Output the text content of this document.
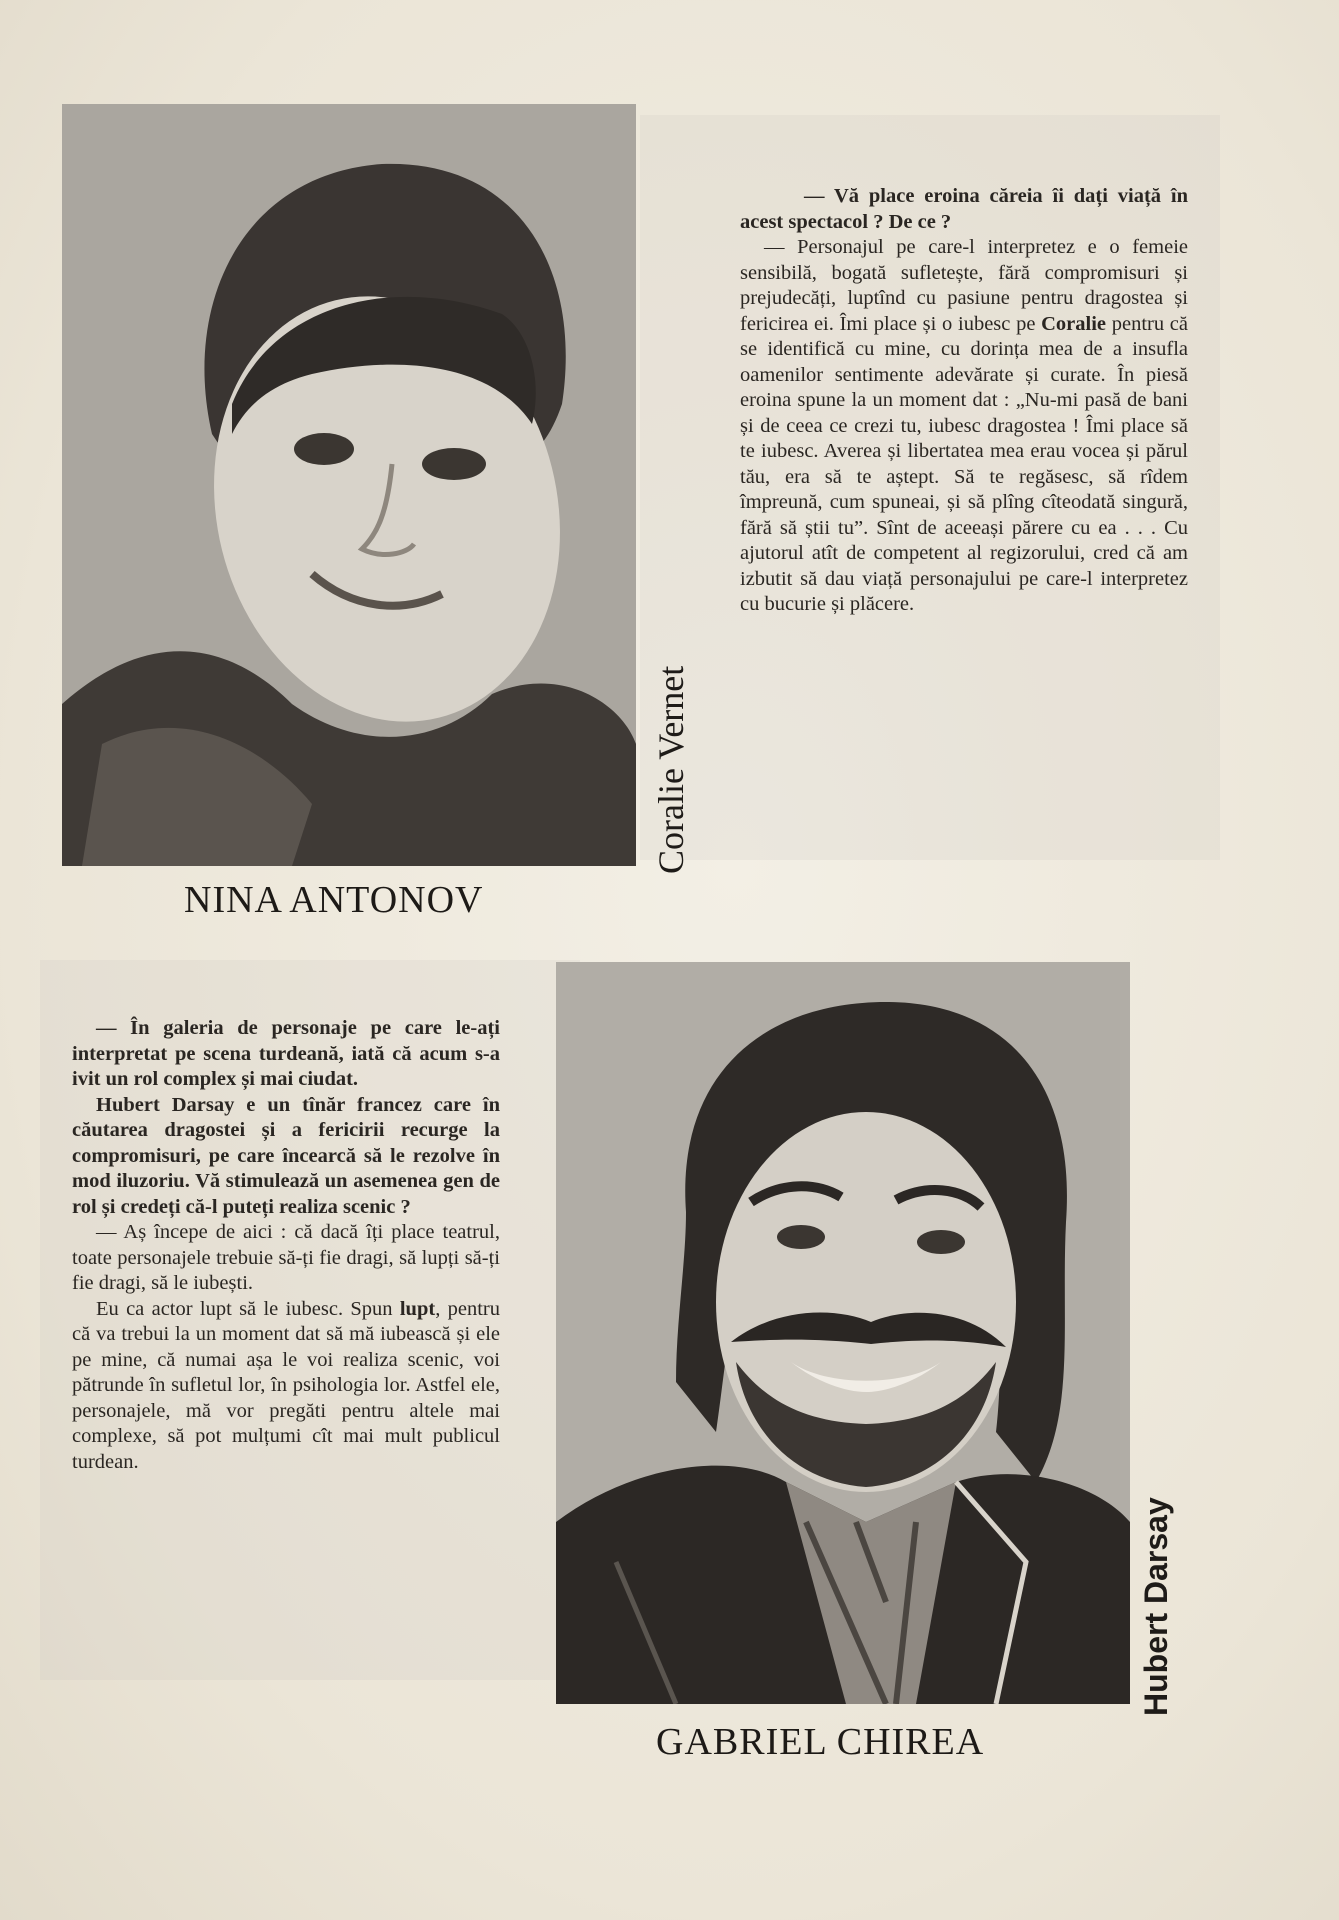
NINA ANTONOV
Coralie Vernet

— Vă place eroina căreia îi dați viață în acest spectacol ? De ce ?

— Personajul pe care-l interpretez e o femeie sensibilă, bogată sufletește, fără compromisuri și prejudecăți, luptînd cu pasiune pentru dragostea și fericirea ei. Îmi place și o iubesc pe Coralie pentru că se identifică cu mine, cu dorința mea de a insufla oamenilor sentimente adevărate și curate. În piesă eroina spune la un moment dat : „Nu-mi pasă de bani și de ceea ce crezi tu, iubesc dragostea ! Îmi place să te iubesc. Averea și libertatea mea erau vocea și părul tău, era să te aștept. Să te regăsesc, să rîdem împreună, cum spuneai, și să plîng cîteodată singură, fără să știi tu”. Sînt de aceeași părere cu ea . . . Cu ajutorul atît de competent al regizorului, cred că am izbutit să dau viață personajului pe care-l interpretez cu bucurie și plăcere.

GABRIEL CHIREA
Hubert Darsay

— În galeria de personaje pe care le-ați interpretat pe scena turdeană, iată că acum s-a ivit un rol complex și mai ciudat.

Hubert Darsay e un tînăr francez care în căutarea dragostei și a fericirii recurge la compromisuri, pe care încearcă să le rezolve în mod iluzoriu. Vă stimulează un asemenea gen de rol și credeți că-l puteți realiza scenic ?

— Aș începe de aici : că dacă îți place teatrul, toate personajele trebuie să-ți fie dragi, să lupți să-ți fie dragi, să le iubești.

Eu ca actor lupt să le iubesc. Spun lupt, pentru că va trebui la un moment dat să mă iubească și ele pe mine, că numai așa le voi realiza scenic, voi pătrunde în sufletul lor, în psihologia lor. Astfel ele, personajele, mă vor pregăti pentru altele mai complexe, să pot mulțumi cît mai mult publicul turdean.
